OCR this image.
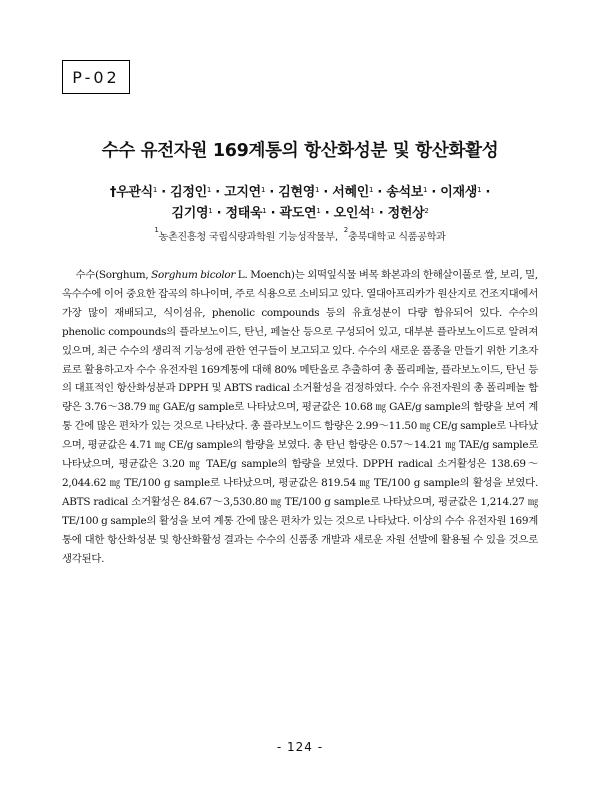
P-02
수수 유전자원 169계통의 항산화성분 및 항산화활성
†우관식$^1$ · 김정인$^1$ · 고지연$^1$ · 김현영$^1$ · 서혜인$^1$ · 송석보$^1$ · 이재생$^1$ ·
김기영$^1$ · 정태욱$^1$ · 곽도연$^1$ · 오인석$^1$ · 정헌상$^2$
$^1$농촌진흥청 국립식량과학원 기능성작물부,  $^2$충북대학교 식품공학과
수수(Sorghum, Sorghum bicolor L. Moench)는 외떡잎식물 벼목 화본과의 한해살이풀로 쌀, 보리, 밀, 옥수수에 이어 중요한 잡곡의 하나이며, 주로 식용으로 소비되고 있다. 열대아프리카가 원산지로 건조지대에서 가장 많이 재배되고, 식이섬유, phenolic compounds 등의 유효성분이 다량 함유되어 있다. 수수의 phenolic compounds의 플라보노이드, 탄닌, 페놀산 등으로 구성되어 있고, 대부분 플라보노이드로 알려져 있으며, 최근 수수의 생리적 기능성에 관한 연구들이 보고되고 있다. 수수의 새로운 품종을 만들기 위한 기초자료로 활용하고자 수수 유전자원 169계통에 대해 80% 메탄올로 추출하여 총 폴리페놀, 플라보노이드, 탄닌 등의 대표적인 항산화성분과 DPPH 및 ABTS radical 소거활성을 검정하였다. 수수 유전자원의 총 폴리페놀 함량은 3.76～38.79 ㎎ GAE/g sample로 나타났으며, 평균값은 10.68 ㎎ GAE/g sample의 함량을 보여 계통 간에 많은 편차가 있는 것으로 나타났다. 총 플라보노이드 함량은 2.99～11.50 ㎎ CE/g sample로 나타났으며, 평균값은 4.71 ㎎ CE/g sample의 함량을 보였다. 총 탄닌 함량은 0.57～14.21 ㎎ TAE/g sample로 나타났으며, 평균값은 3.20 ㎎ TAE/g sample의 함량을 보였다. DPPH radical 소거활성은 138.69～2,044.62 ㎎ TE/100 g sample로 나타났으며, 평균값은 819.54 ㎎ TE/100 g sample의 활성을 보였다. ABTS radical 소거활성은 84.67～3,530.80 ㎎ TE/100 g sample로 나타났으며, 평균값은 1,214.27 ㎎ TE/100 g sample의 활성을 보여 계통 간에 많은 편차가 있는 것으로 나타났다. 이상의 수수 유전자원 169계통에 대한 항산화성분 및 항산화활성 결과는 수수의 신품종 개발과 새로운 자원 선발에 활용될 수 있을 것으로 생각된다.
- 124 -
